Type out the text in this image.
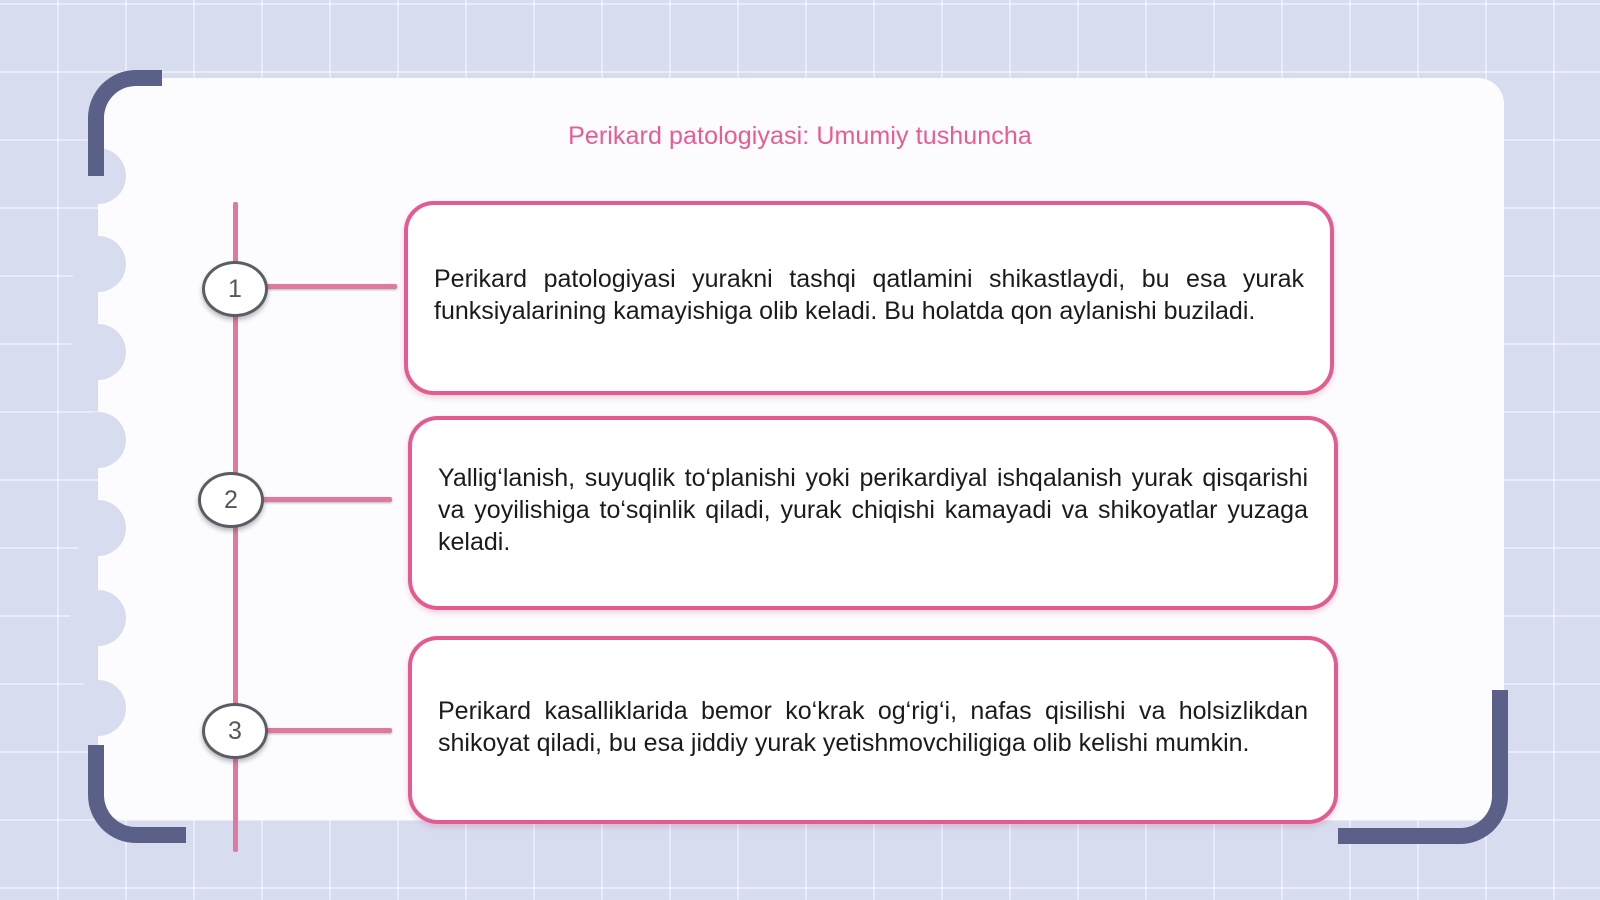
Perikard patologiyasi: Umumiy tushuncha
1
2
3

Perikard patologiyasi yurakni tashqi qatlamini shikastlaydi, bu esa yurak funksiyalarining kamayishiga olib keladi. Bu holatda qon aylanishi buziladi.

Yallig‘lanish, suyuqlik to‘planishi yoki perikardiyal ishqalanish yurak qisqarishi va yoyilishiga to‘sqinlik qiladi, yurak chiqishi kamayadi va shikoyatlar yuzaga keladi.

Perikard kasalliklarida bemor ko‘krak og‘rig‘i, nafas qisilishi va holsizlikdan shikoyat qiladi, bu esa jiddiy yurak yetishmovchiligiga olib kelishi mumkin.
